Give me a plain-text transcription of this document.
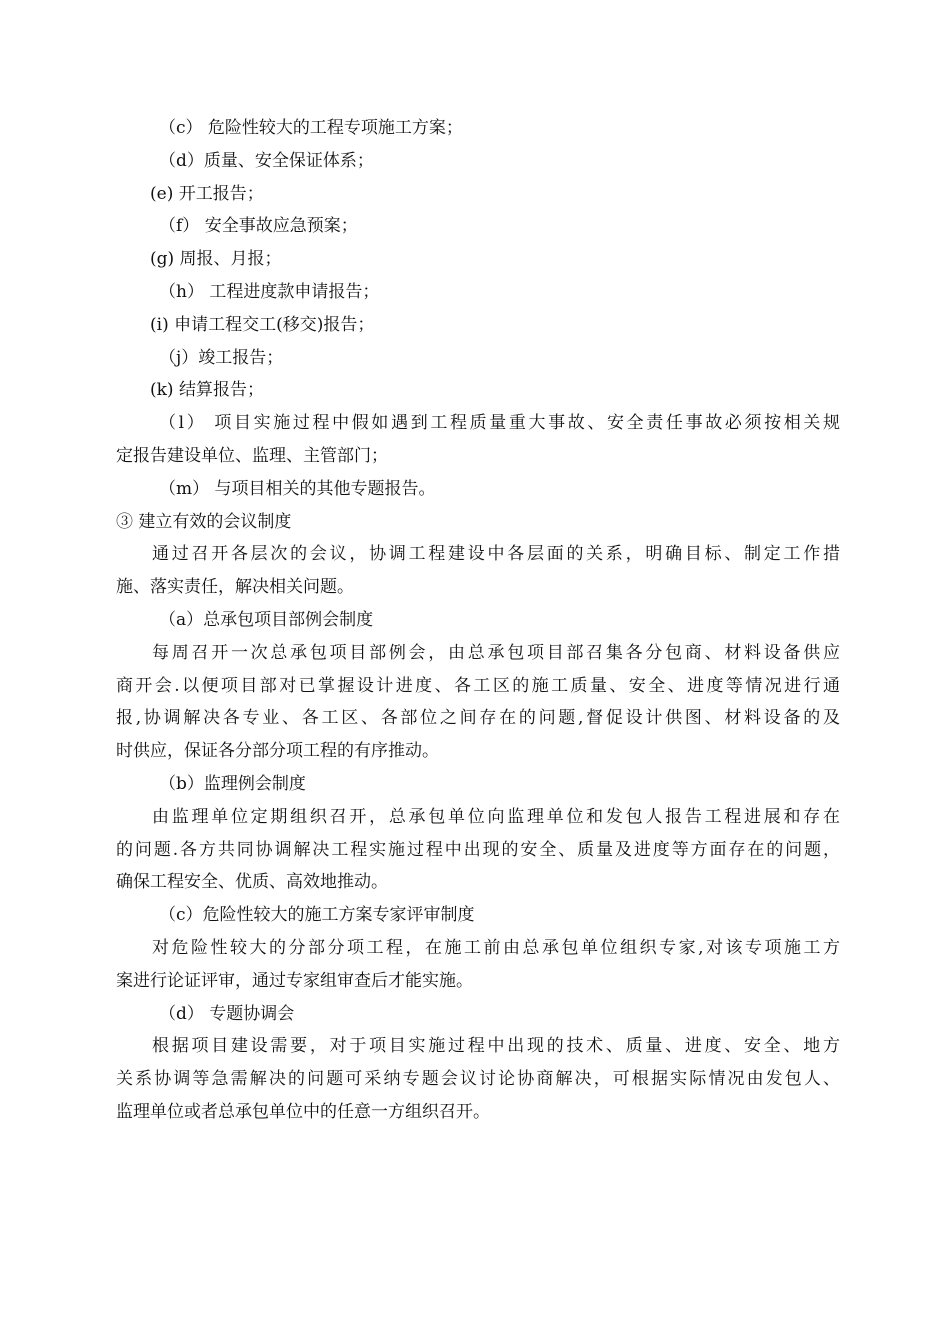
（c） 危险性较大的工程专项施工方案；
（d）质量、安全保证体系；
(e) 开工报告；
（f） 安全事故应急预案；
(g) 周报、月报；
（h） 工程进度款申请报告；
(i) 申请工程交工(移交)报告；
（j）竣工报告；
(k) 结算报告；
（l） 项目实施过程中假如遇到工程质量重大事故、安全责任事故必须按相关规
定报告建设单位、监理、主管部门；
（m） 与项目相关的其他专题报告。
③ 建立有效的会议制度
通过召开各层次的会议，协调工程建设中各层面的关系，明确目标、制定工作措
施、落实责任，解决相关问题。
（a）总承包项目部例会制度
每周召开一次总承包项目部例会，由总承包项目部召集各分包商、材料设备供应
商开会.以便项目部对已掌握设计进度、各工区的施工质量、安全、进度等情况进行通
报,协调解决各专业、各工区、各部位之间存在的问题,督促设计供图、材料设备的及
时供应，保证各分部分项工程的有序推动。
（b）监理例会制度
由监理单位定期组织召开，总承包单位向监理单位和发包人报告工程进展和存在
的问题.各方共同协调解决工程实施过程中出现的安全、质量及进度等方面存在的问题，
确保工程安全、优质、高效地推动。
（c）危险性较大的施工方案专家评审制度
对危险性较大的分部分项工程，在施工前由总承包单位组织专家,对该专项施工方
案进行论证评审，通过专家组审查后才能实施。
（d） 专题协调会
根据项目建设需要，对于项目实施过程中出现的技术、质量、进度、安全、地方
关系协调等急需解决的问题可采纳专题会议讨论协商解决，可根据实际情况由发包人、
监理单位或者总承包单位中的任意一方组织召开。
